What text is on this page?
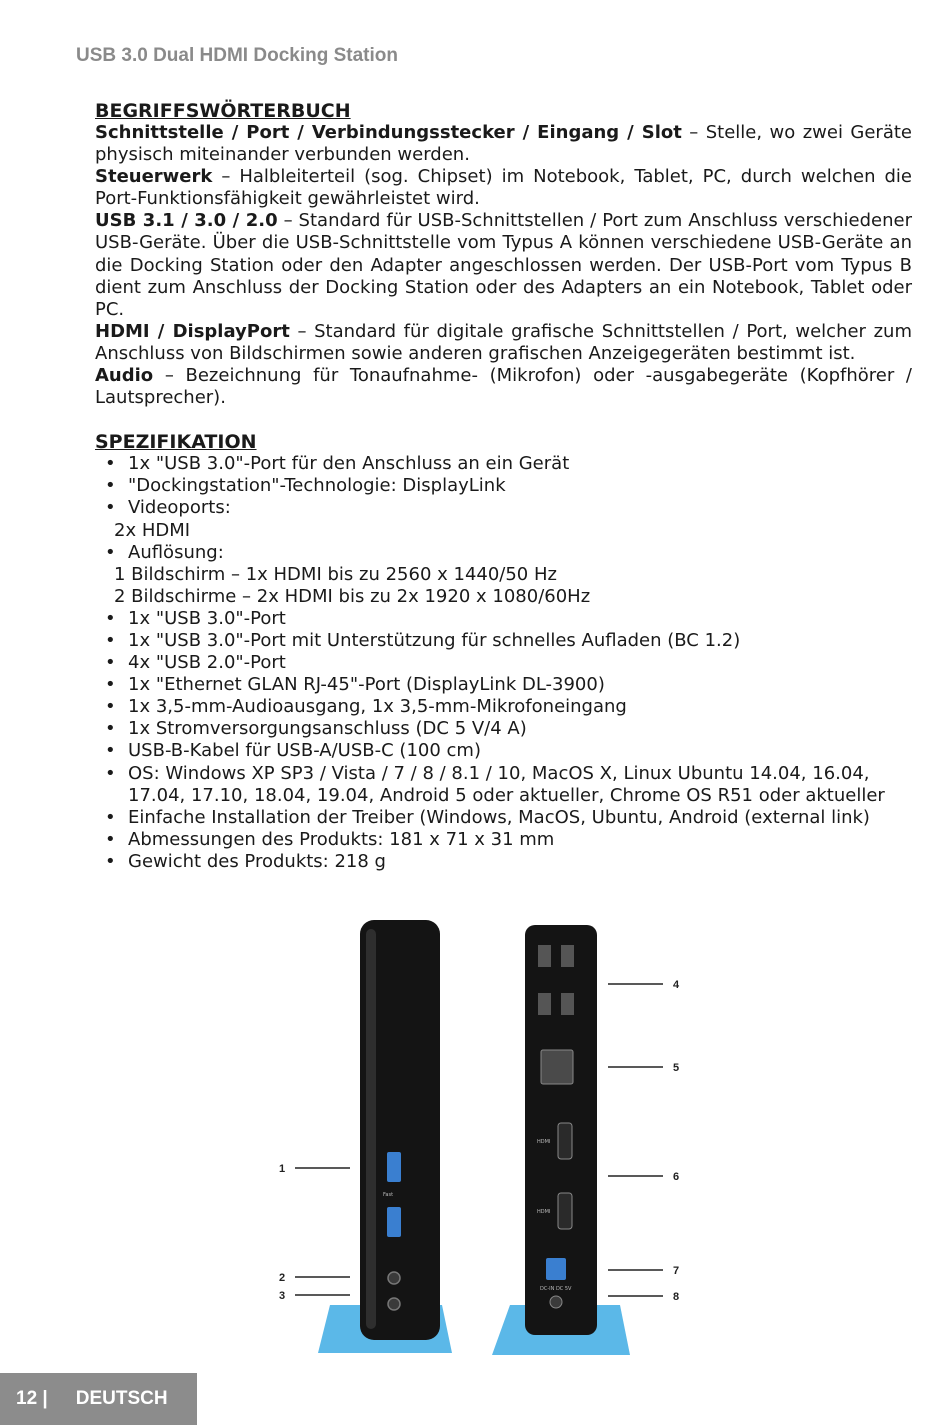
USB 3.0 Dual HDMI Docking Station
BEGRIFFSWÖRTERBUCH

Schnittstelle / Port / Verbindungsstecker / Eingang / Slot – Stelle, wo zwei Geräte physisch miteinander verbunden werden.

Steuerwerk – Halbleiterteil (sog. Chipset) im Notebook, Tablet, PC, durch welchen die Port-Funktionsfähigkeit gewährleistet wird.

USB 3.1 / 3.0 / 2.0 – Standard für USB-Schnittstellen / Port zum Anschluss verschiedener USB-Geräte. Über die USB-Schnittstelle vom Typus A können verschiedene USB-Geräte an die Docking Station oder den Adapter angeschlossen werden. Der USB-Port vom Typus B dient zum Anschluss der Docking Station oder des Adapters an ein Notebook, Tablet oder PC.

HDMI / DisplayPort – Standard für digitale grafische Schnittstellen / Port, welcher zum Anschluss von Bildschirmen sowie anderen grafischen Anzeigegeräten bestimmt ist.

Audio – Bezeichnung für Tonaufnahme- (Mikrofon) oder -ausgabegeräte (Kopfhörer / Lautsprecher).

SPEZIFIKATION
• 1x "USB 3.0"-Port für den Anschluss an ein Gerät
• "Dockingstation"-Technologie: DisplayLink
• Videoports:
2x HDMI
• Auflösung:
1 Bildschirm – 1x HDMI bis zu 2560 x 1440/50 Hz
2 Bildschirme – 2x HDMI bis zu 2x 1920 x 1080/60Hz
• 1x "USB 3.0"-Port
• 1x "USB 3.0"-Port mit Unterstützung für schnelles Aufladen (BC 1.2)
• 4x "USB 2.0"-Port
• 1x "Ethernet GLAN RJ-45"-Port (DisplayLink DL-3900)
• 1x 3,5-mm-Audioausgang, 1x 3,5-mm-Mikrofoneingang
• 1x Stromversorgungsanschluss (DC 5 V/4 A)
• USB-B-Kabel für USB-A/USB-C (100 cm)
• OS: Windows XP SP3 / Vista / 7 / 8 / 8.1 / 10, MacOS X, Linux Ubuntu 14.04, 16.04, 17.04, 17.10, 18.04, 19.04, Android 5 oder aktueller, Chrome OS R51 oder aktueller
• Einfache Installation der Treiber (Windows, MacOS, Ubuntu, Android (external link)
• Abmessungen des Produkts: 181 x 71 x 31 mm
• Gewicht des Produkts: 218 g
Fast
HDMI
HDMI
DC-IN DC 5V
1
2
3
4
5
6
7
8
12 | DEUTSCH
